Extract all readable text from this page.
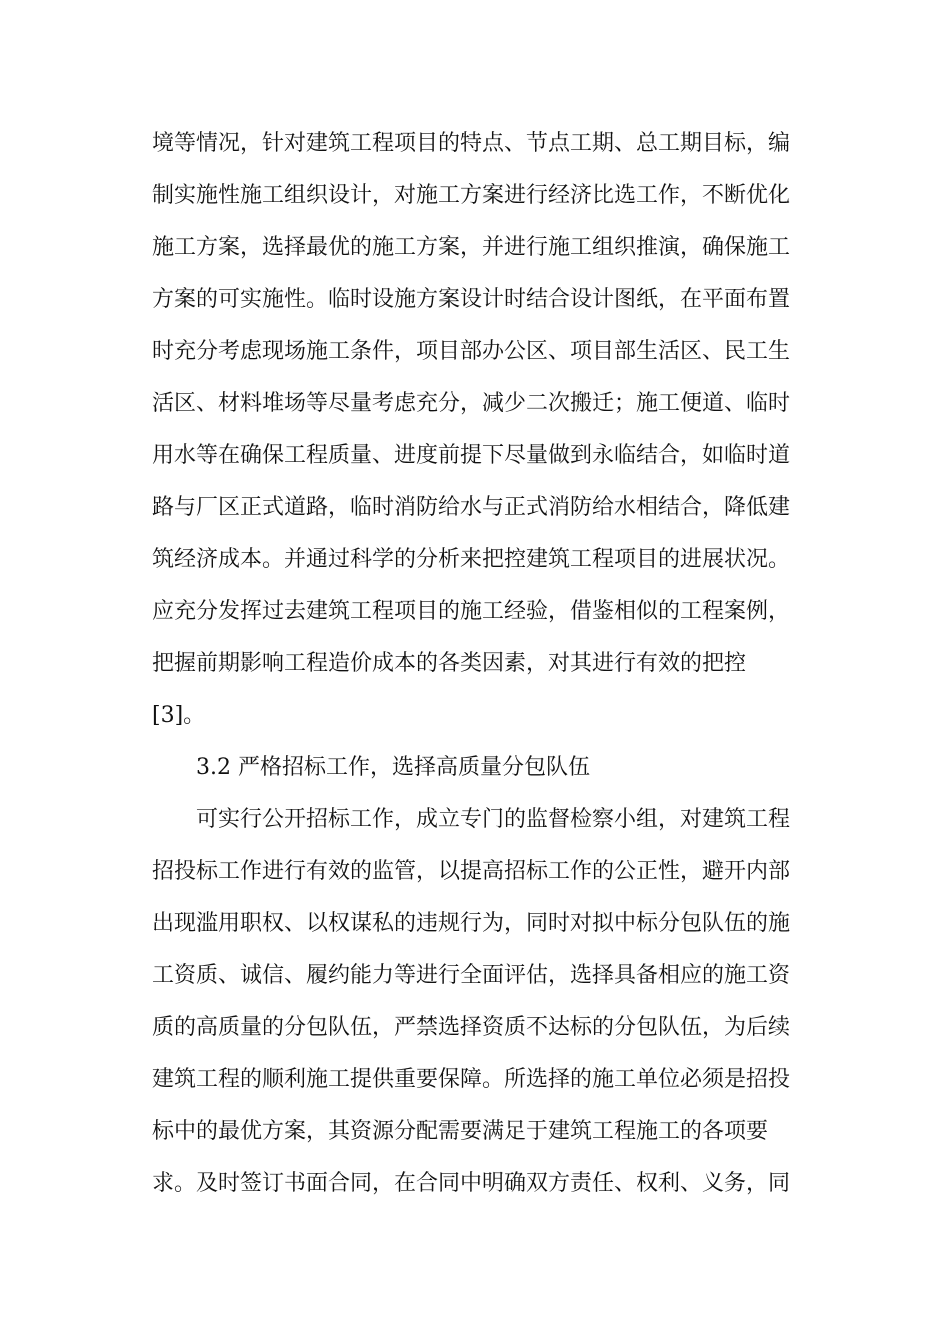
境等情况，针对建筑工程项目的特点、节点工期、总工期目标，编
制实施性施工组织设计，对施工方案进行经济比选工作，不断优化
施工方案，选择最优的施工方案，并进行施工组织推演，确保施工
方案的可实施性。临时设施方案设计时结合设计图纸，在平面布置
时充分考虑现场施工条件，项目部办公区、项目部生活区、民工生
活区、材料堆场等尽量考虑充分，减少二次搬迁；施工便道、临时
用水等在确保工程质量、进度前提下尽量做到永临结合，如临时道
路与厂区正式道路，临时消防给水与正式消防给水相结合，降低建
筑经济成本。并通过科学的分析来把控建筑工程项目的进展状况。
应充分发挥过去建筑工程项目的施工经验，借鉴相似的工程案例，
把握前期影响工程造价成本的各类因素，对其进行有效的把控
[3]。
3.2 严格招标工作，选择高质量分包队伍
可实行公开招标工作，成立专门的监督检察小组，对建筑工程
招投标工作进行有效的监管，以提高招标工作的公正性，避开内部
出现滥用职权、以权谋私的违规行为，同时对拟中标分包队伍的施
工资质、诚信、履约能力等进行全面评估，选择具备相应的施工资
质的高质量的分包队伍，严禁选择资质不达标的分包队伍，为后续
建筑工程的顺利施工提供重要保障。所选择的施工单位必须是招投
标中的最优方案，其资源分配需要满足于建筑工程施工的各项要
求。及时签订书面合同，在合同中明确双方责任、权利、义务，同
